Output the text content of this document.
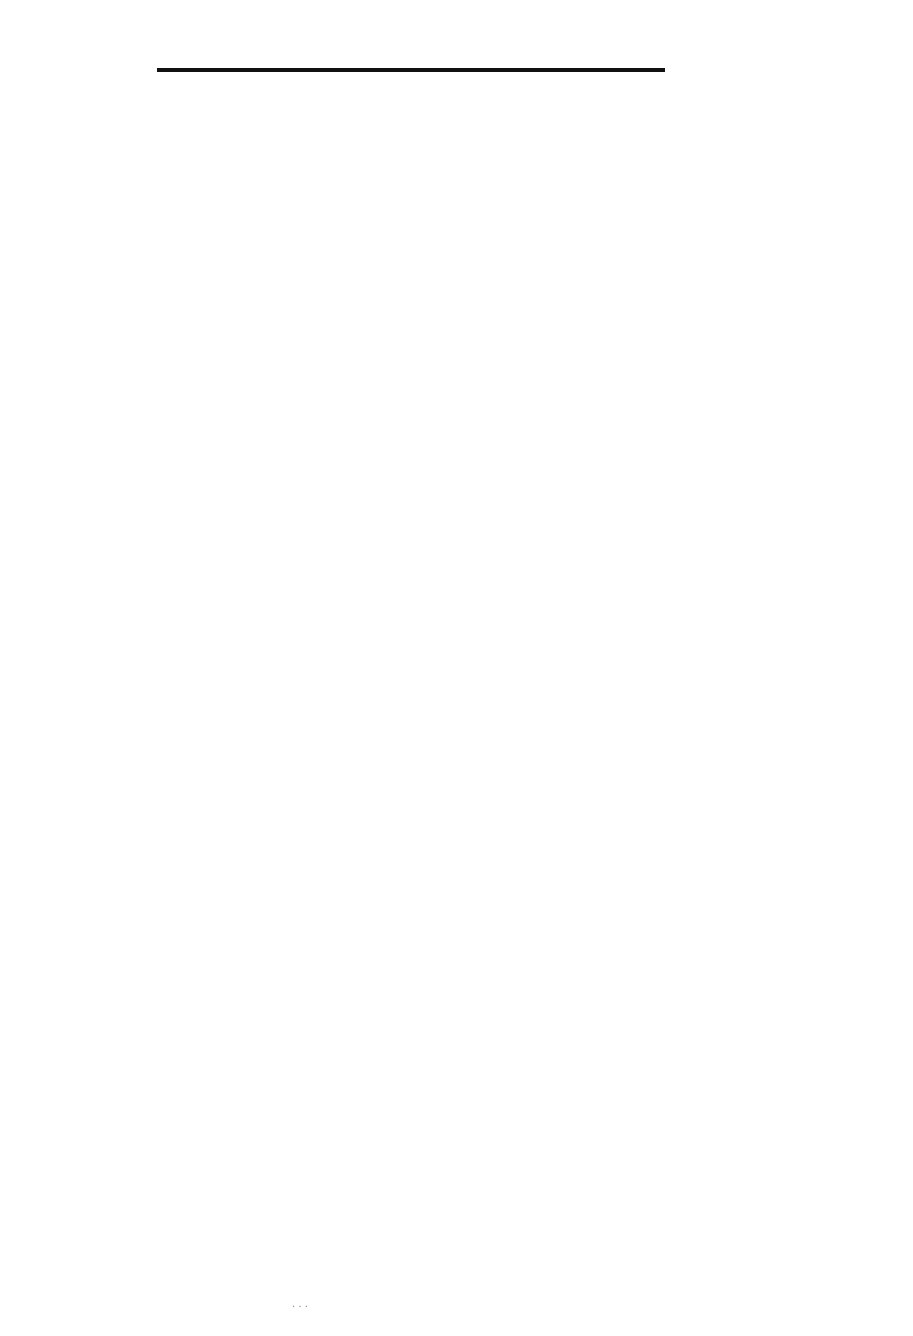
· · ·
